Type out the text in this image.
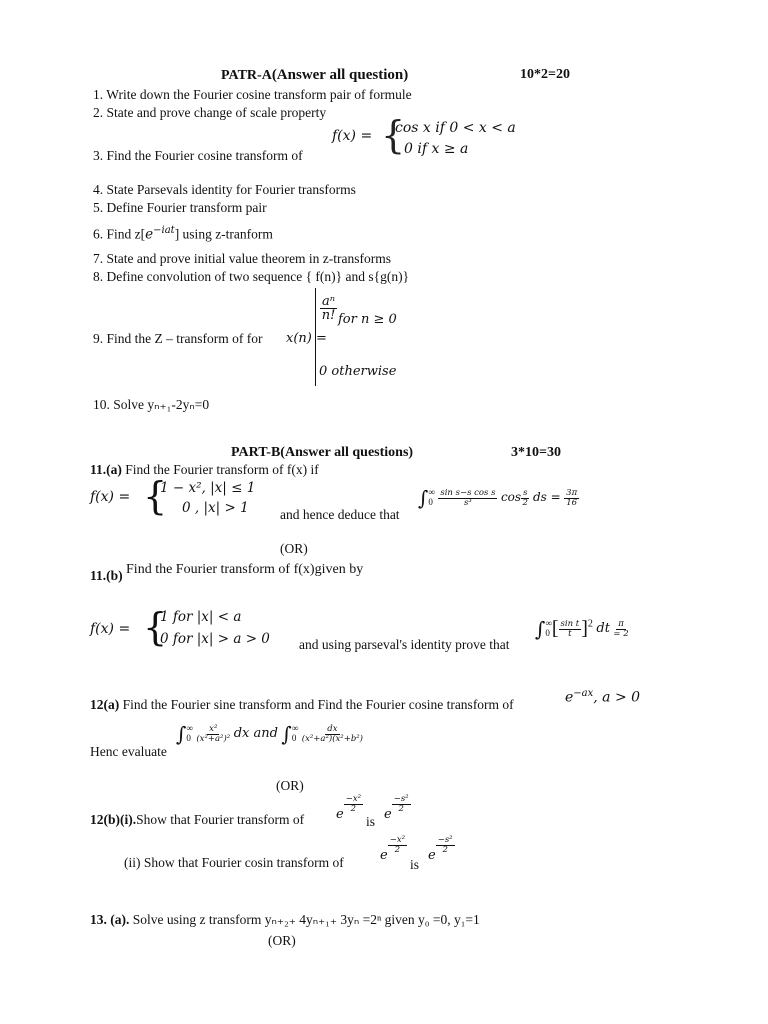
PATR-A(Answer all question)	10*2=20
1. Write down the Fourier cosine transform pair of formule
2. State and prove change of scale property
3. Find the Fourier cosine transform of
f(x) = {
cos x if 0 < x < a
0 if x ≥ a
4. State Parsevals identity for Fourier transforms
5. Define Fourier transform pair
6. Find $z[e^{-iat}]$ using z-tranform
7. State and prove initial value theorem in z-transforms
8. Define convolution of two sequence { f(n)} and s{g(n)}
9. Find the Z – transform of for x(n) =
$\frac{\text{aⁿ}}{n!}$ for n ≥ 0
0 otherwise
10. Solve yₙ₊₁-2yₙ=0
PART-B(Answer all questions)	3*10=30
11.(a) Find the Fourier transform of f(x) if
f(x) = {
1 − x², |x| ≤ 1
0 , |x| > 1 and hence deduce that
∫ ∞
0
$\frac{\text{sin s−s cos s}}{\text{s³}}$ $\cos \frac{s}{2}$ ds = $\frac{3\pi}{16}$
(OR)
11.(b) Find the Fourier transform of f(x)given by
f(x) = {
1 for |x| < a
0 for |x| > a > 0 and using parseval's identity prove that
∫ ∞
0 [ $\frac{\text{sin t}}{t} ]^2$ dt $\frac{\pi}{= 2}$
12(a) Find the Fourier sine transform and Find the Fourier cosine transform of	$e^{-ax}$, a > 0
Henc evaluate
∫ ∞
0
$\frac{\text{x²}}{\text{(x²+a²)²}}$ dx and ∫ ∞
0
$\frac{dx}{\text{(x²+a²)(x²+b²)}}$
(OR)
12(b)(i).Show that Fourier transform of e
$\frac{\text{−x²}}{2}$
is e
$\frac{\text{−s²}}{2}$
(ii) Show that Fourier cosin transform of	e
$\frac{\text{−x²}}{2}$
is
e
$\frac{\text{−s²}}{2}$
13. (a). Solve using z transform yₙ₊₂₊ 4yₙ₊₁₊ 3yₙ =2ⁿ given y₀ =0, y₁=1
(OR)
